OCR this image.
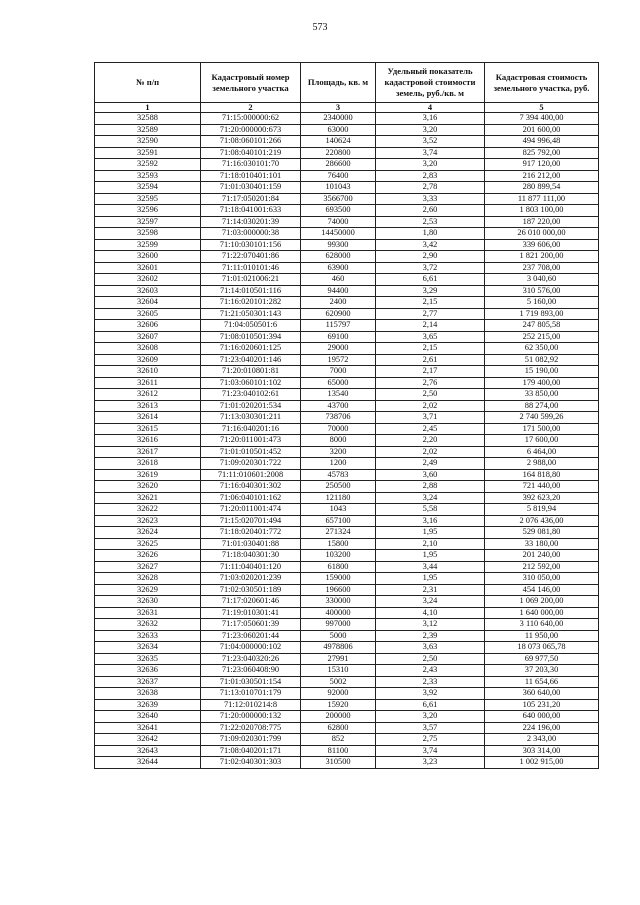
573
№ п/п	Кадастровый номер земельного участка	Площадь, кв. м	Удельный показатель кадастровой стоимости земель, руб./кв. м	Кадастровая стоимость земельного участка, руб.
1	2	3	4	5
32588	71:15:000000:62	2340000	3,16	7 394 400,00
32589	71:20:000000:673	63000	3,20	201 600,00
32590	71:08:060101:266	140624	3,52	494 996,48
32591	71:08:040101:219	220800	3,74	825 792,00
32592	71:16:030101:70	286600	3,20	917 120,00
32593	71:18:010401:101	76400	2,83	216 212,00
32594	71:01:030401:159	101043	2,78	280 899,54
32595	71:17:050201:84	3566700	3,33	11 877 111,00
32596	71:18:041001:633	693500	2,60	1 803 100,00
32597	71:14:030201:39	74000	2,53	187 220,00
32598	71:03:000000:38	14450000	1,80	26 010 000,00
32599	71:10:030101:156	99300	3,42	339 606,00
32600	71:22:070401:86	628000	2,90	1 821 200,00
32601	71:11:010101:46	63900	3,72	237 708,00
32602	71:01:021006:21	460	6,61	3 040,60
32603	71:14:010501:116	94400	3,29	310 576,00
32604	71:16:020101:282	2400	2,15	5 160,00
32605	71:21:050301:143	620900	2,77	1 719 893,00
32606	71:04:050501:6	115797	2,14	247 805,58
32607	71:08:010501:394	69100	3,65	252 215,00
32608	71:16:020601:125	29000	2,15	62 350,00
32609	71:23:040201:146	19572	2,61	51 082,92
32610	71:20:010801:81	7000	2,17	15 190,00
32611	71:03:060101:102	65000	2,76	179 400,00
32612	71:23:040102:61	13540	2,50	33 850,00
32613	71:01:020201:534	43700	2,02	88 274,00
32614	71:13:030301:211	738706	3,71	2 740 599,26
32615	71:16:040201:16	70000	2,45	171 500,00
32616	71:20:011001:473	8000	2,20	17 600,00
32617	71:01:010501:452	3200	2,02	6 464,00
32618	71:09:020301:722	1200	2,49	2 988,00
32619	71:11:010601:2008	45783	3,60	164 818,80
32620	71:16:040301:302	250500	2,88	721 440,00
32621	71:06:040101:162	121180	3,24	392 623,20
32622	71:20:011001:474	1043	5,58	5 819,94
32623	71:15:020701:494	657100	3,16	2 076 436,00
32624	71:18:020401:772	271324	1,95	529 081,80
32625	71:01:030401:88	15800	2,10	33 180,00
32626	71:18:040301:30	103200	1,95	201 240,00
32627	71:11:040401:120	61800	3,44	212 592,00
32628	71:03:020201:239	159000	1,95	310 050,00
32629	71:02:030501:189	196600	2,31	454 146,00
32630	71:17:020601:46	330000	3,24	1 069 200,00
32631	71:19:010301:41	400000	4,10	1 640 000,00
32632	71:17:050601:39	997000	3,12	3 110 640,00
32633	71:23:060201:44	5000	2,39	11 950,00
32634	71:04:000000:102	4978806	3,63	18 073 065,78
32635	71:23:040320:26	27991	2,50	69 977,50
32636	71:23:060408:90	15310	2,43	37 203,30
32637	71:01:030501:154	5002	2,33	11 654,66
32638	71:13:010701:179	92000	3,92	360 640,00
32639	71:12:010214:8	15920	6,61	105 231,20
32640	71:20:000000:132	200000	3,20	640 000,00
32641	71:22:020708:775	62800	3,57	224 196,00
32642	71:09:020301:799	852	2,75	2 343,00
32643	71:08:040201:171	81100	3,74	303 314,00
32644	71:02:040301:303	310500	3,23	1 002 915,00
